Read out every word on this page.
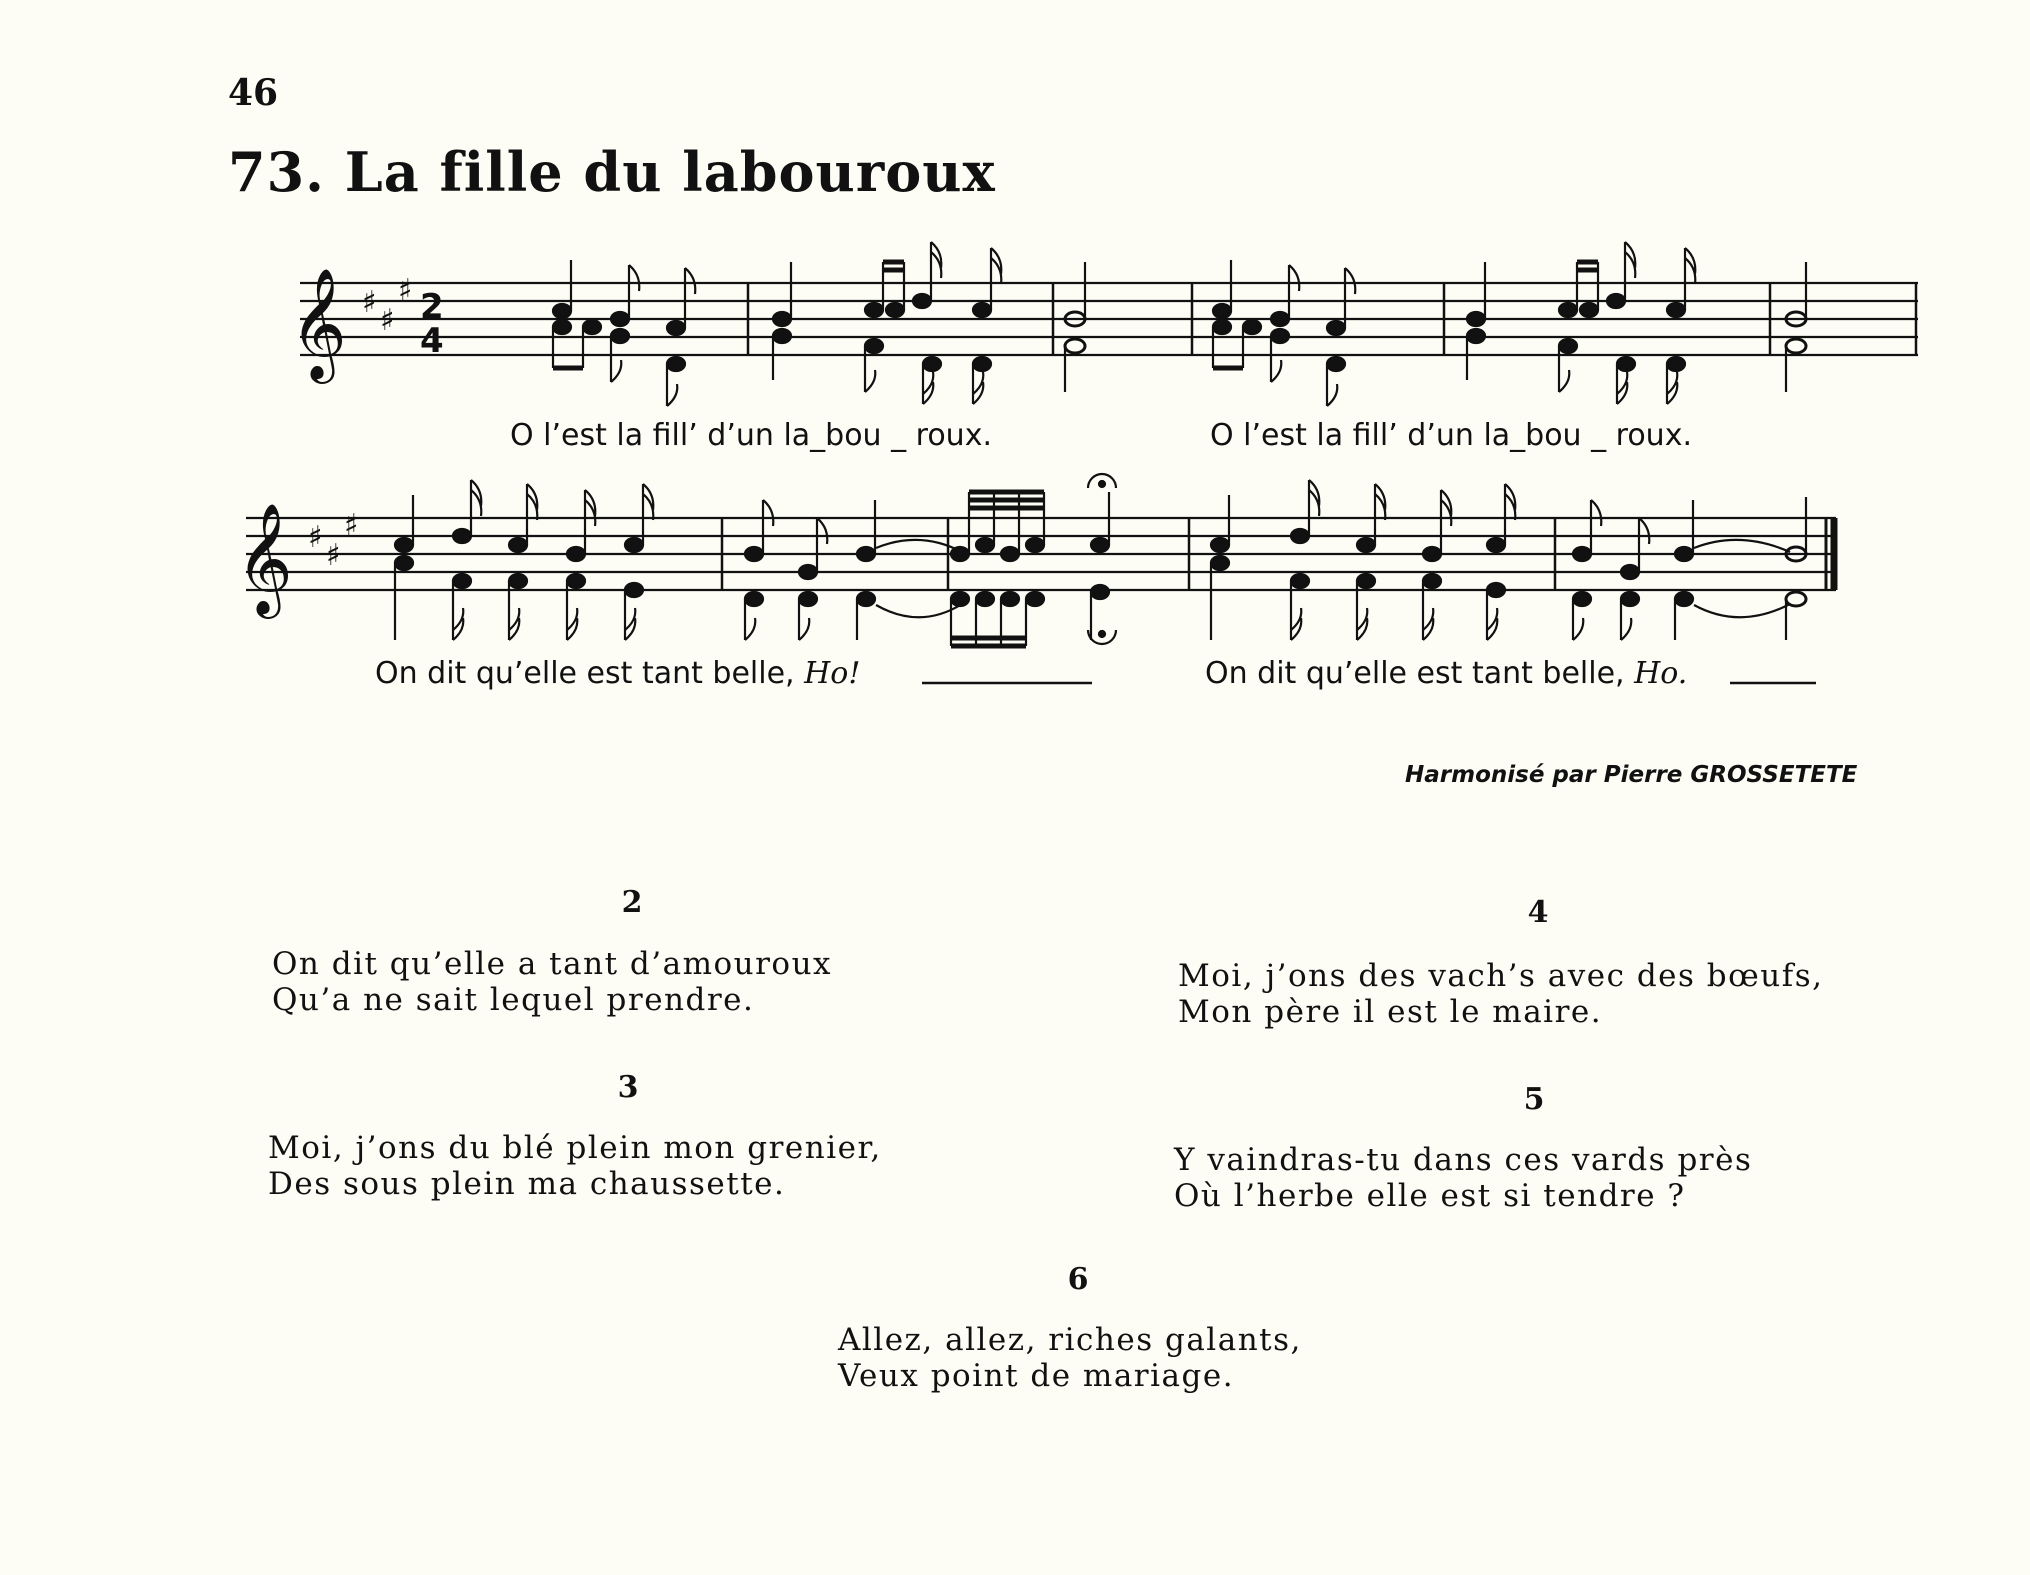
46
73. La fille du labouroux
𝄞 ♯
♯
♯ 2
4
𝄞 ♯
♯
♯
O l’est la fill’ d’un la_bou _ roux.	O l’est la fill’ d’un la_bou _ roux.
On dit qu’elle est tant belle, Ho!	On dit qu’elle est tant belle, Ho.
Harmonisé par Pierre GROSSETETE
2
On dit qu’elle a tant d’amouroux
Qu’a ne sait lequel prendre.
3
Moi, j’ons du blé plein mon grenier,
Des sous plein ma chaussette.
4
Moi, j’ons des vach’s avec des bœufs,
Mon père il est le maire.
5
Y vaindras-tu dans ces vards près
Où l’herbe elle est si tendre ?
6
Allez, allez, riches galants,
Veux point de mariage.
